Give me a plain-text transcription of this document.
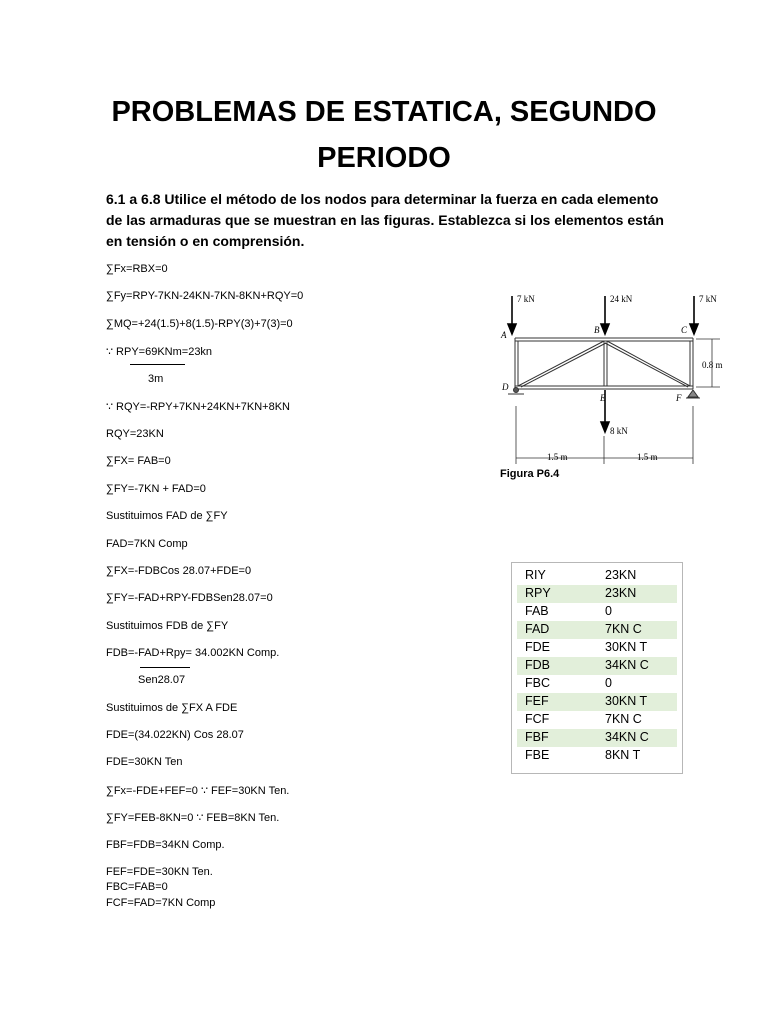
PROBLEMAS DE ESTATICA, SEGUNDO
PERIODO
6.1 a 6.8 Utilice el método de los nodos para determinar la fuerza en cada elemento de las armaduras que se muestran en las figuras. Establezca si los elementos están en tensión o en comprensión.
∑Fx=RBX=0
∑Fy=RPY-7KN-24KN-7KN-8KN+RQY=0
∑MQ=+24(1.5)+8(1.5)-RPY(3)+7(3)=0
∵ RPY=69KNm=23kn
3m
∵ RQY=-RPY+7KN+24KN+7KN+8KN
RQY=23KN
∑FX= FAB=0
∑FY=-7KN + FAD=0
Sustituimos FAD de ∑FY
FAD=7KN Comp
∑FX=-FDBCos 28.07+FDE=0
∑FY=-FAD+RPY-FDBSen28.07=0
Sustituimos FDB de ∑FY
FDB=-FAD+Rpy= 34.002KN Comp.
Sen28.07
Sustituimos de ∑FX A FDE
FDE=(34.022KN) Cos 28.07
FDE=30KN Ten
∑Fx=-FDE+FEF=0 ∵ FEF=30KN Ten.
∑FY=FEB-8KN=0 ∵ FEB=8KN Ten.
FBF=FDB=34KN Comp.
FEF=FDE=30KN Ten.
FBC=FAB=0
FCF=FAD=7KN Comp
7 kN	24 kN	7 kN
8 kN
A	B	C
D
E	F
0.8 m
1.5 m	1.5 m
Figura P6.4
RIY	23KN
RPY	23KN
FAB	0
FAD	7KN C
FDE	30KN T
FDB	34KN C
FBC	0
FEF	30KN T
FCF	7KN C
FBF	34KN C
FBE	8KN T
